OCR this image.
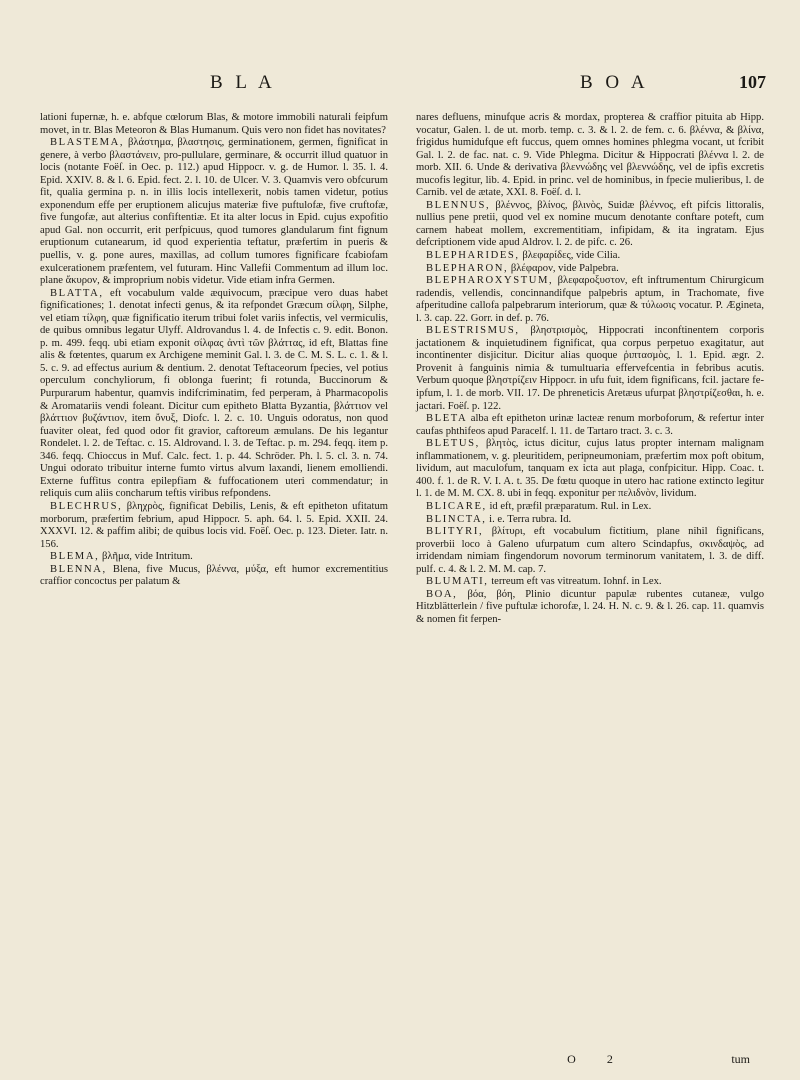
B L A	B O A	107

lationi fupernæ, h. e. abfque cœlorum Blas, & motore immobili naturali feipfum movet, in tr. Blas Meteoron & Blas Humanum. Quis vero non fidet has novitates?

BLASTEMA, βλάστημα, βλαστησις, germinationem, germen, fignificat in genere, à verbo βλαστάνειν, pro-pullulare, germinare, & occurrit illud quatuor in locis (notante Foëſ. in Oec. p. 112.) apud Hippocr. v. g. de Humor. l. 35. l. 4. Epid. XXIV. 8. & l. 6. Epid. fect. 2. l. 10. de Ulcer. V. 3. Quamvis vero obfcurum fit, qualia germina p. n. in illis locis intellexerit, nobis tamen videtur, potius exponendum effe per eruptionem alicujus materiæ five puftulofæ, five cruftofæ, five fungofæ, aut alterius confiftentiæ. Et ita alter locus in Epid. cujus expofitio apud Gal. non occurrit, erit perfpicuus, quod tumores glandularum fint fignum eruptionum cutanearum, id quod experientia teftatur, præfertim in pueris & puellis, v. g. pone aures, maxillas, ad collum tumores fignificare fcabiofam exulcerationem præfentem, vel futuram. Hinc Vallefii Commentum ad illum loc. plane ἄκυρον, & improprium nobis videtur. Vide etiam infra Germen.

BLATTA, eft vocabulum valde æquivocum, præcipue vero duas habet fignificationes; 1. denotat infecti genus, & ita refpondet Græcum σίλφη, Silphe, vel etiam τίλφη, quæ fignificatio iterum tribui folet variis infectis, vel vermiculis, de quibus omnibus legatur Ulyff. Aldrovandus l. 4. de Infectis c. 9. edit. Bonon. p. m. 499. feqq. ubi etiam exponit σίλφας ἀντὶ τῶν βλάττας, id eft, Blattas fine alis & fœtentes, quarum ex Archigene meminit Gal. l. 3. de C. M. S. L. c. 1. & l. 5. c. 9. ad effectus aurium & dentium. 2. denotat Teftaceorum fpecies, vel potius operculum conchyliorum, fi oblonga fuerint; fi rotunda, Buccinorum & Purpurarum habentur, quamvis indifcriminatim, fed perperam, à Pharmacopolis & Aromatariis vendi foleant. Dicitur cum epitheto Blatta Byzantia, βλάττιον vel βλάττιον βυζάντιον, item ὄνυξ, Diofc. l. 2. c. 10. Unguis odoratus, non quod fuaviter oleat, fed quod odor fit gravior, caftoreum æmulans. De his legantur Rondelet. l. 2. de Teftac. c. 15. Aldrovand. l. 3. de Teftac. p. m. 294. feqq. item p. 346. feqq. Chioccus in Muf. Calc. fect. 1. p. 44. Schröder. Ph. l. 5. cl. 3. n. 74. Ungui odorato tribuitur interne fumto virtus alvum laxandi, lienem emolliendi. Externe fuffitus contra epilepfiam & fuffocationem uteri commendatur; in reliquis cum aliis concharum teftis viribus refpondens.

BLECHRUS, βληχρὸς, fignificat Debilis, Lenis, & eft epitheton ufitatum morborum, præfertim febrium, apud Hippocr. 5. aph. 64. l. 5. Epid. XXII. 24. XXXVI. 12. & paffim alibi; de quibus locis vid. Foëſ. Oec. p. 123. Dieter. Iatr. n. 156.

BLEMA, βλῆμα, vide Intritum.

BLENNA, Blena, five Mucus, βλέννα, μύξα, eft humor excrementitius craffior concoctus per palatum &

nares defluens, minufque acris & mordax, propterea & craffior pituita ab Hipp. vocatur, Galen. l. de ut. morb. temp. c. 3. & l. 2. de fem. c. 6. βλέννα, & βλίνα, frigidus humidufque eft fuccus, quem omnes homines phlegma vocant, ut fcribit Gal. l. 2. de fac. nat. c. 9. Vide Phlegma. Dicitur & Hippocrati βλέννα l. 2. de morb. XII. 6. Unde & derivativa βλεννώδης vel βλεννώδης, vel de ipfis excretis mucofis legitur, lib. 4. Epid. in princ. vel de hominibus, in fpecie mulieribus, l. de Carnib. vel de ætate, XXI. 8. Foëſ. d. l.

BLENNUS, βλέννος, βλίνος, βλινὸς, Suidæ βλέννος, eft pifcis littoralis, nullius pene pretii, quod vel ex nomine mucum denotante conftare poteft, cum carnem habeat mollem, excrementitiam, infipidam, & ita ingratam. Ejus defcriptionem vide apud Aldrov. l. 2. de pifc. c. 26.

BLEPHARIDES, βλεφαρίδες, vide Cilia.

BLEPHARON, βλέφαρον, vide Palpebra.

BLEPHAROXYSTUM, βλεφαροξυστον, eft inftrumentum Chirurgicum radendis, vellendis, concinnandifque palpebris aptum, in Trachomate, five afperitudine callofa palpebrarum interiorum, quæ & τύλωσις vocatur. P. Ægineta, l. 3. cap. 22. Gorr. in def. p. 76.

BLESTRISMUS, βληστρισμὸς, Hippocrati inconftinentem corporis jactationem & inquietudinem fignificat, qua corpus perpetuo exagitatur, aut incontinenter disjicitur. Dicitur alias quoque ῥιπτασμὸς, l. 1. Epid. ægr. 2. Provenit à fanguinis nimia & tumultuaria effervefcentia in febribus acutis. Verbum quoque βληστρίζειν Hippocr. in ufu fuit, idem fignificans, fcil. jactare fe-ipfum, l. 1. de morb. VII. 17. De phreneticis Aretæus ufurpat βληστρίζεσθαι, h. e. jactari. Foëſ. p. 122.

BLETA alba eft epitheton urinæ lacteæ renum morboforum, & refertur inter caufas phthifeos apud Paracelf. l. 11. de Tartaro tract. 3. c. 3.

BLETUS, βλητὸς, ictus dicitur, cujus latus propter internam malignam inflammationem, v. g. pleuritidem, peripneumoniam, præfertim mox poft obitum, lividum, aut maculofum, tanquam ex icta aut plaga, confpicitur. Hipp. Coac. t. 400. f. 1. de R. V. I. A. t. 35. De fœtu quoque in utero hac ratione extincto legitur l. 1. de M. M. CX. 8. ubi in feqq. exponitur per πελιδνὸν, lividum.

BLICARE, id eft, præfil præparatum. Rul. in Lex.

BLINCTA, i. e. Terra rubra. Id.

BLITYRI, βλίτυρι, eft vocabulum fictitium, plane nihil fignificans, proverbii loco à Galeno ufurpatum cum altero Scindapfus, σκινδαψὸς, ad irridendam nimiam fingendorum novorum terminorum vanitatem, l. 3. de diff. pulf. c. 4. & l. 2. M. M. cap. 7.

BLUMATI, terreum eft vas vitreatum. Iohnf. in Lex.

BOA, βόα, βόη, Plinio dicuntur papulæ rubentes cutaneæ, vulgo Hitzblätterlein / five puftulæ ichorofæ, l. 24. H. N. c. 9. & l. 26. cap. 11. quamvis & nomen fit ferpen-

O	2	tum
